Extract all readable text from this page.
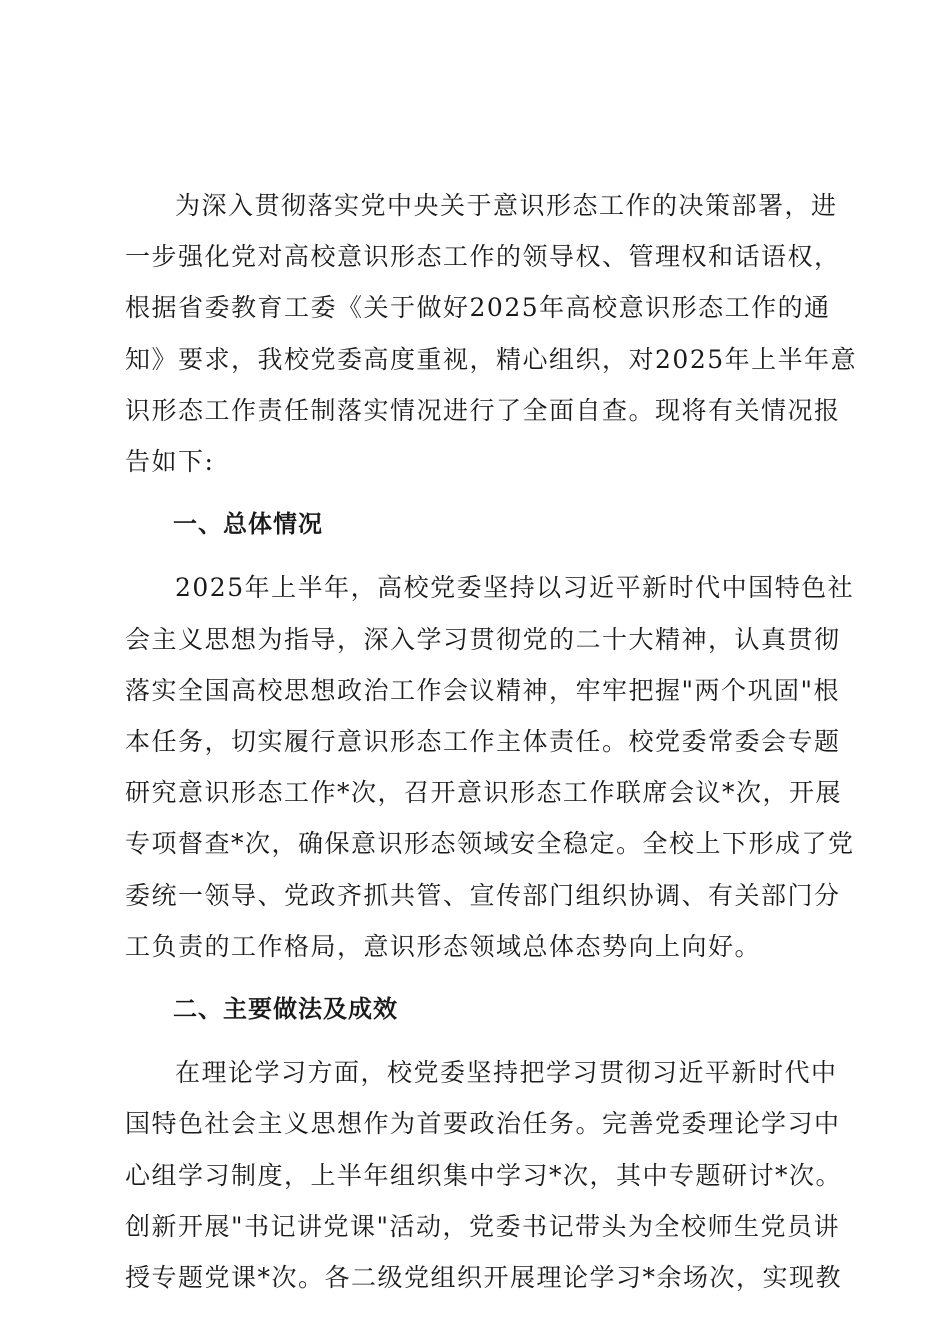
为深入贯彻落实党中央关于意识形态工作的决策部署，进
一步强化党对高校意识形态工作的领导权、管理权和话语权，
根据省委教育工委《关于做好2025年高校意识形态工作的通
知》要求，我校党委高度重视，精心组织，对2025年上半年意
识形态工作责任制落实情况进行了全面自查。现将有关情况报
告如下:

一、总体情况

2025年上半年，高校党委坚持以习近平新时代中国特色社
会主义思想为指导，深入学习贯彻党的二十大精神，认真贯彻
落实全国高校思想政治工作会议精神，牢牢把握"两个巩固"根
本任务，切实履行意识形态工作主体责任。校党委常委会专题
研究意识形态工作*次，召开意识形态工作联席会议*次，开展
专项督查*次，确保意识形态领域安全稳定。全校上下形成了党
委统一领导、党政齐抓共管、宣传部门组织协调、有关部门分
工负责的工作格局，意识形态领域总体态势向上向好。

二、主要做法及成效

在理论学习方面，校党委坚持把学习贯彻习近平新时代中
国特色社会主义思想作为首要政治任务。完善党委理论学习中
心组学习制度，上半年组织集中学习*次，其中专题研讨*次。
创新开展"书记讲党课"活动，党委书记带头为全校师生党员讲
授专题党课*次。各二级党组织开展理论学习*余场次，实现教
